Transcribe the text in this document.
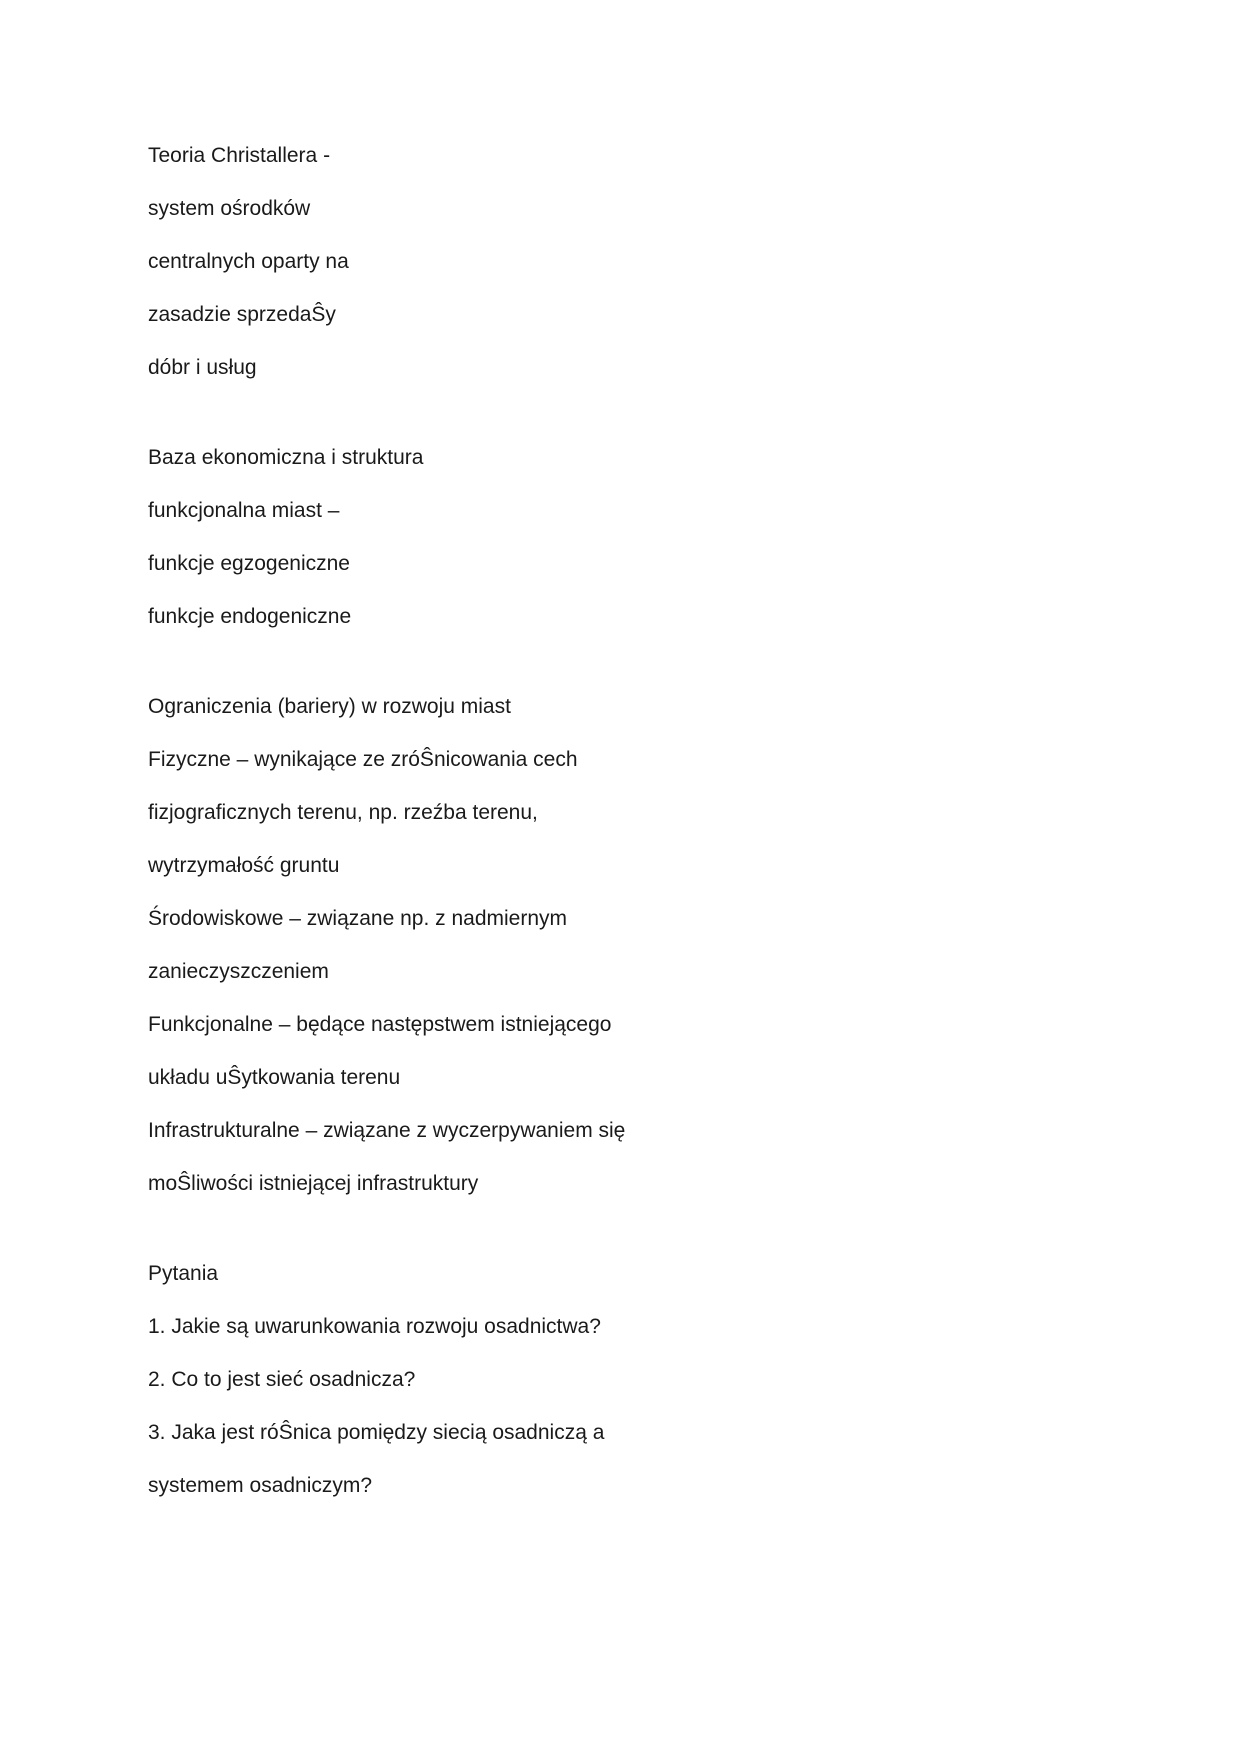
Teoria Christallera -
system ośrodków
centralnych oparty na
zasadzie sprzedaŜy
dóbr i usług
Baza ekonomiczna i struktura
funkcjonalna miast –
funkcje egzogeniczne
funkcje endogeniczne
Ograniczenia (bariery) w rozwoju miast
Fizyczne – wynikające ze zróŜnicowania cech
fizjograficznych terenu, np. rzeźba terenu,
wytrzymałość gruntu
Środowiskowe – związane np. z nadmiernym
zanieczyszczeniem
Funkcjonalne – będące następstwem istniejącego
układu uŜytkowania terenu
Infrastrukturalne – związane z wyczerpywaniem się
moŜliwości istniejącej infrastruktury
Pytania
1. Jakie są uwarunkowania rozwoju osadnictwa?
2. Co to jest sieć osadnicza?
3. Jaka jest róŜnica pomiędzy siecią osadniczą a
systemem osadniczym?
